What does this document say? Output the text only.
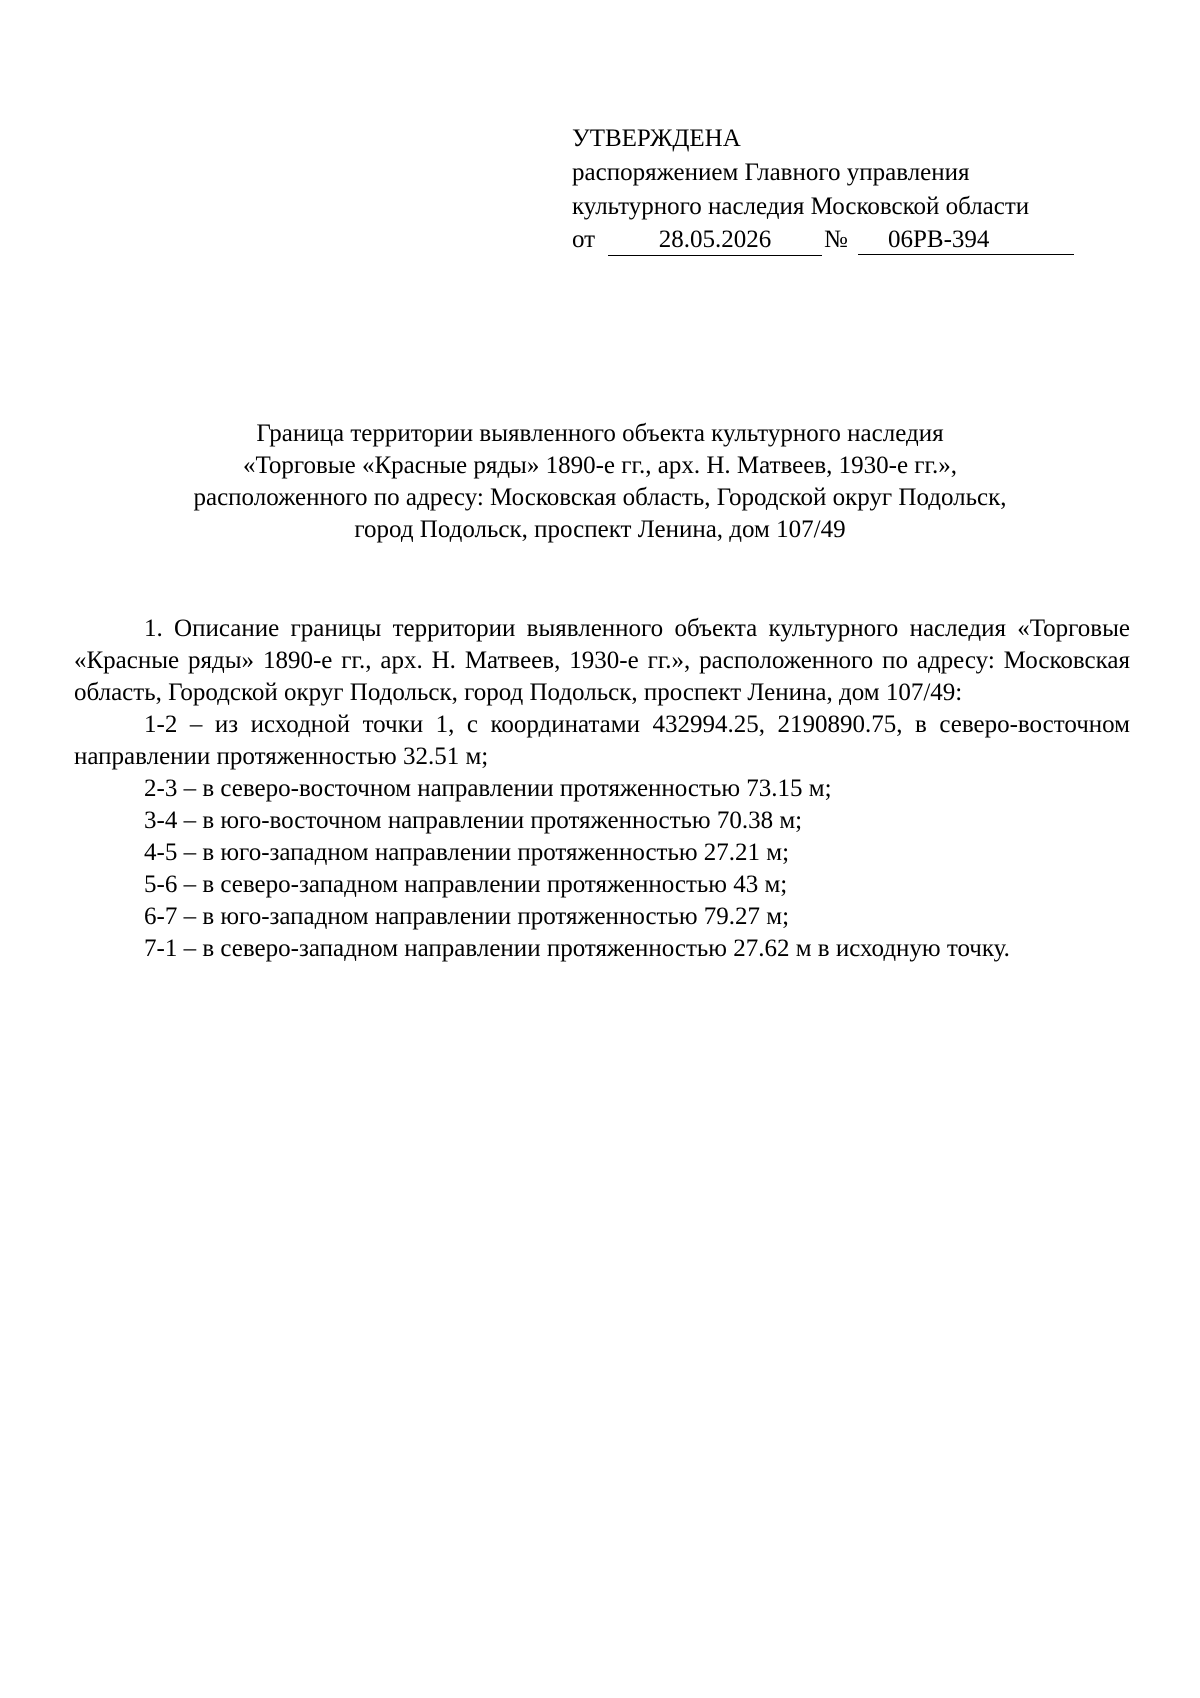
УТВЕРЖДЕНА
распоряжением Главного управления
культурного наследия Московской области
от	28.05.2026	№	06РВ-394
Граница территории выявленного объекта культурного наследия
«Торговые «Красные ряды» 1890-е гг., арх. Н. Матвеев, 1930-е гг.»,
расположенного по адресу: Московская область, Городской округ Подольск,
город Подольск, проспект Ленина, дом 107/49

1. Описание границы территории выявленного объекта культурного наследия «Торговые «Красные ряды» 1890-е гг., арх. Н. Матвеев, 1930-е гг.», расположенного по адресу: Московская область, Городской округ Подольск, город Подольск, проспект Ленина, дом 107/49:

1-2 – из исходной точки 1, с координатами 432994.25, 2190890.75, в северо-восточном направлении протяженностью 32.51 м;

2-3 – в северо-восточном направлении протяженностью 73.15 м;

3-4 – в юго-восточном направлении протяженностью 70.38 м;

4-5 – в юго-западном направлении протяженностью 27.21 м;

5-6 – в северо-западном направлении протяженностью 43 м;

6-7 – в юго-западном направлении протяженностью 79.27 м;

7-1 – в северо-западном направлении протяженностью 27.62 м в исходную точку.
